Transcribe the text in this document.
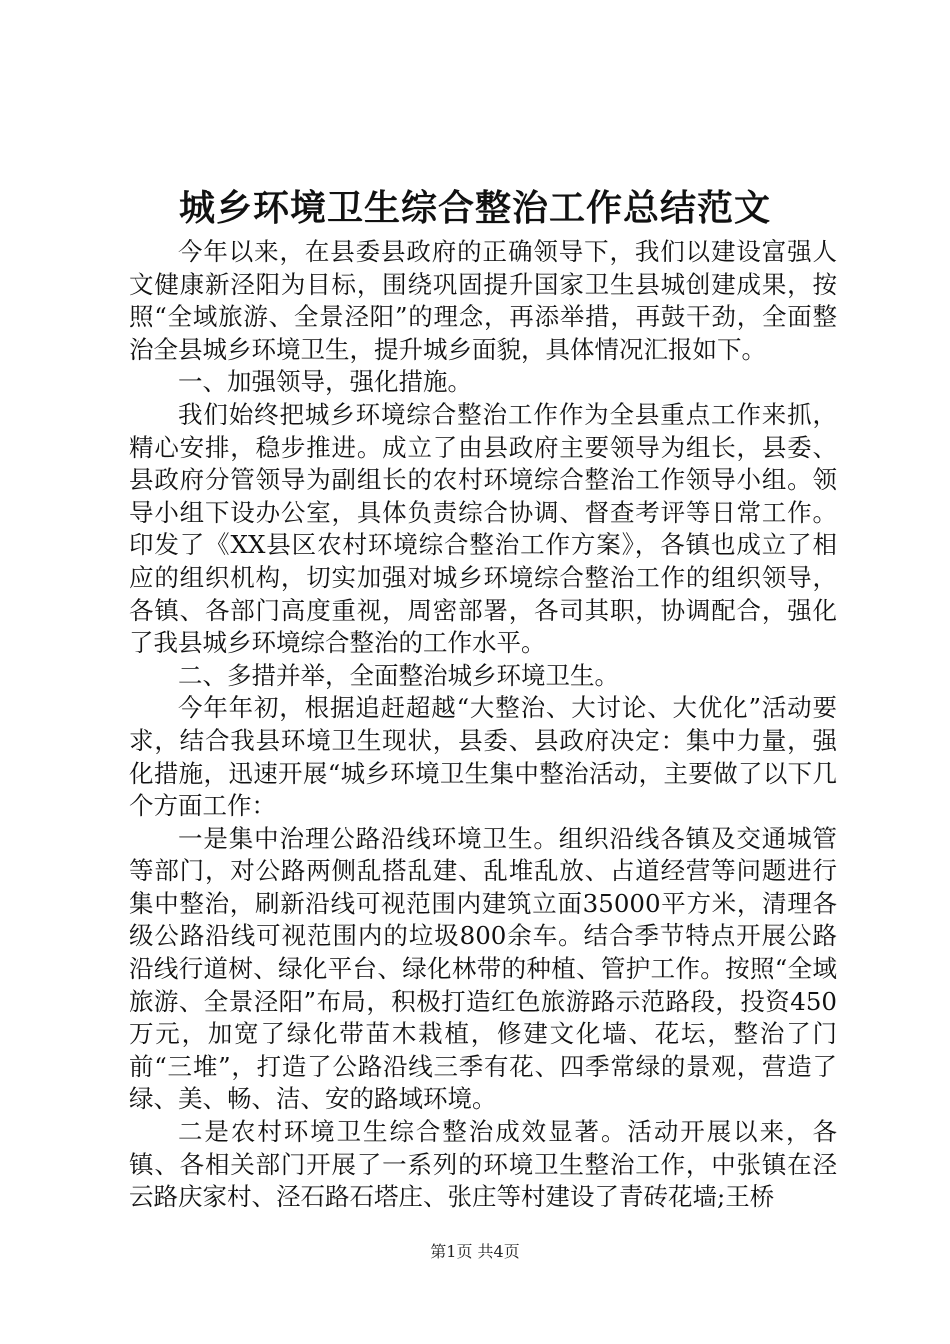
城乡环境卫生综合整治工作总结范文

今年以来，在县委县政府的正确领导下，我们以建设富强人文健康新泾阳为目标，围绕巩固提升国家卫生县城创建成果，按照“全域旅游、全景泾阳”的理念，再添举措，再鼓干劲，全面整治全县城乡环境卫生，提升城乡面貌，具体情况汇报如下。

一、加强领导，强化措施。

我们始终把城乡环境综合整治工作作为全县重点工作来抓，精心安排，稳步推进。成立了由县政府主要领导为组长，县委、县政府分管领导为副组长的农村环境综合整治工作领导小组。领导小组下设办公室，具体负责综合协调、督查考评等日常工作。印发了《XX县区农村环境综合整治工作方案》，各镇也成立了相应的组织机构，切实加强对城乡环境综合整治工作的组织领导，各镇、各部门高度重视，周密部署，各司其职，协调配合，强化了我县城乡环境综合整治的工作水平。

二、多措并举，全面整治城乡环境卫生。

今年年初，根据追赶超越“大整治、大讨论、大优化”活动要求，结合我县环境卫生现状，县委、县政府决定：集中力量，强化措施，迅速开展“城乡环境卫生集中整治活动，主要做了以下几个方面工作：

一是集中治理公路沿线环境卫生。组织沿线各镇及交通城管等部门，对公路两侧乱搭乱建、乱堆乱放、占道经营等问题进行集中整治，刷新沿线可视范围内建筑立面35000平方米，清理各级公路沿线可视范围内的垃圾800余车。结合季节特点开展公路沿线行道树、绿化平台、绿化林带的种植、管护工作。按照“全域旅游、全景泾阳”布局，积极打造红色旅游路示范路段，投资450万元，加宽了绿化带苗木栽植，修建文化墙、花坛，整治了门前“三堆”，打造了公路沿线三季有花、四季常绿的景观，营造了绿、美、畅、洁、安的路域环境。

二是农村环境卫生综合整治成效显著。活动开展以来，各镇、各相关部门开展了一系列的环境卫生整治工作，中张镇在泾云路庆家村、泾石路石塔庄、张庄等村建设了青砖花墙;王桥

第1页 共4页
